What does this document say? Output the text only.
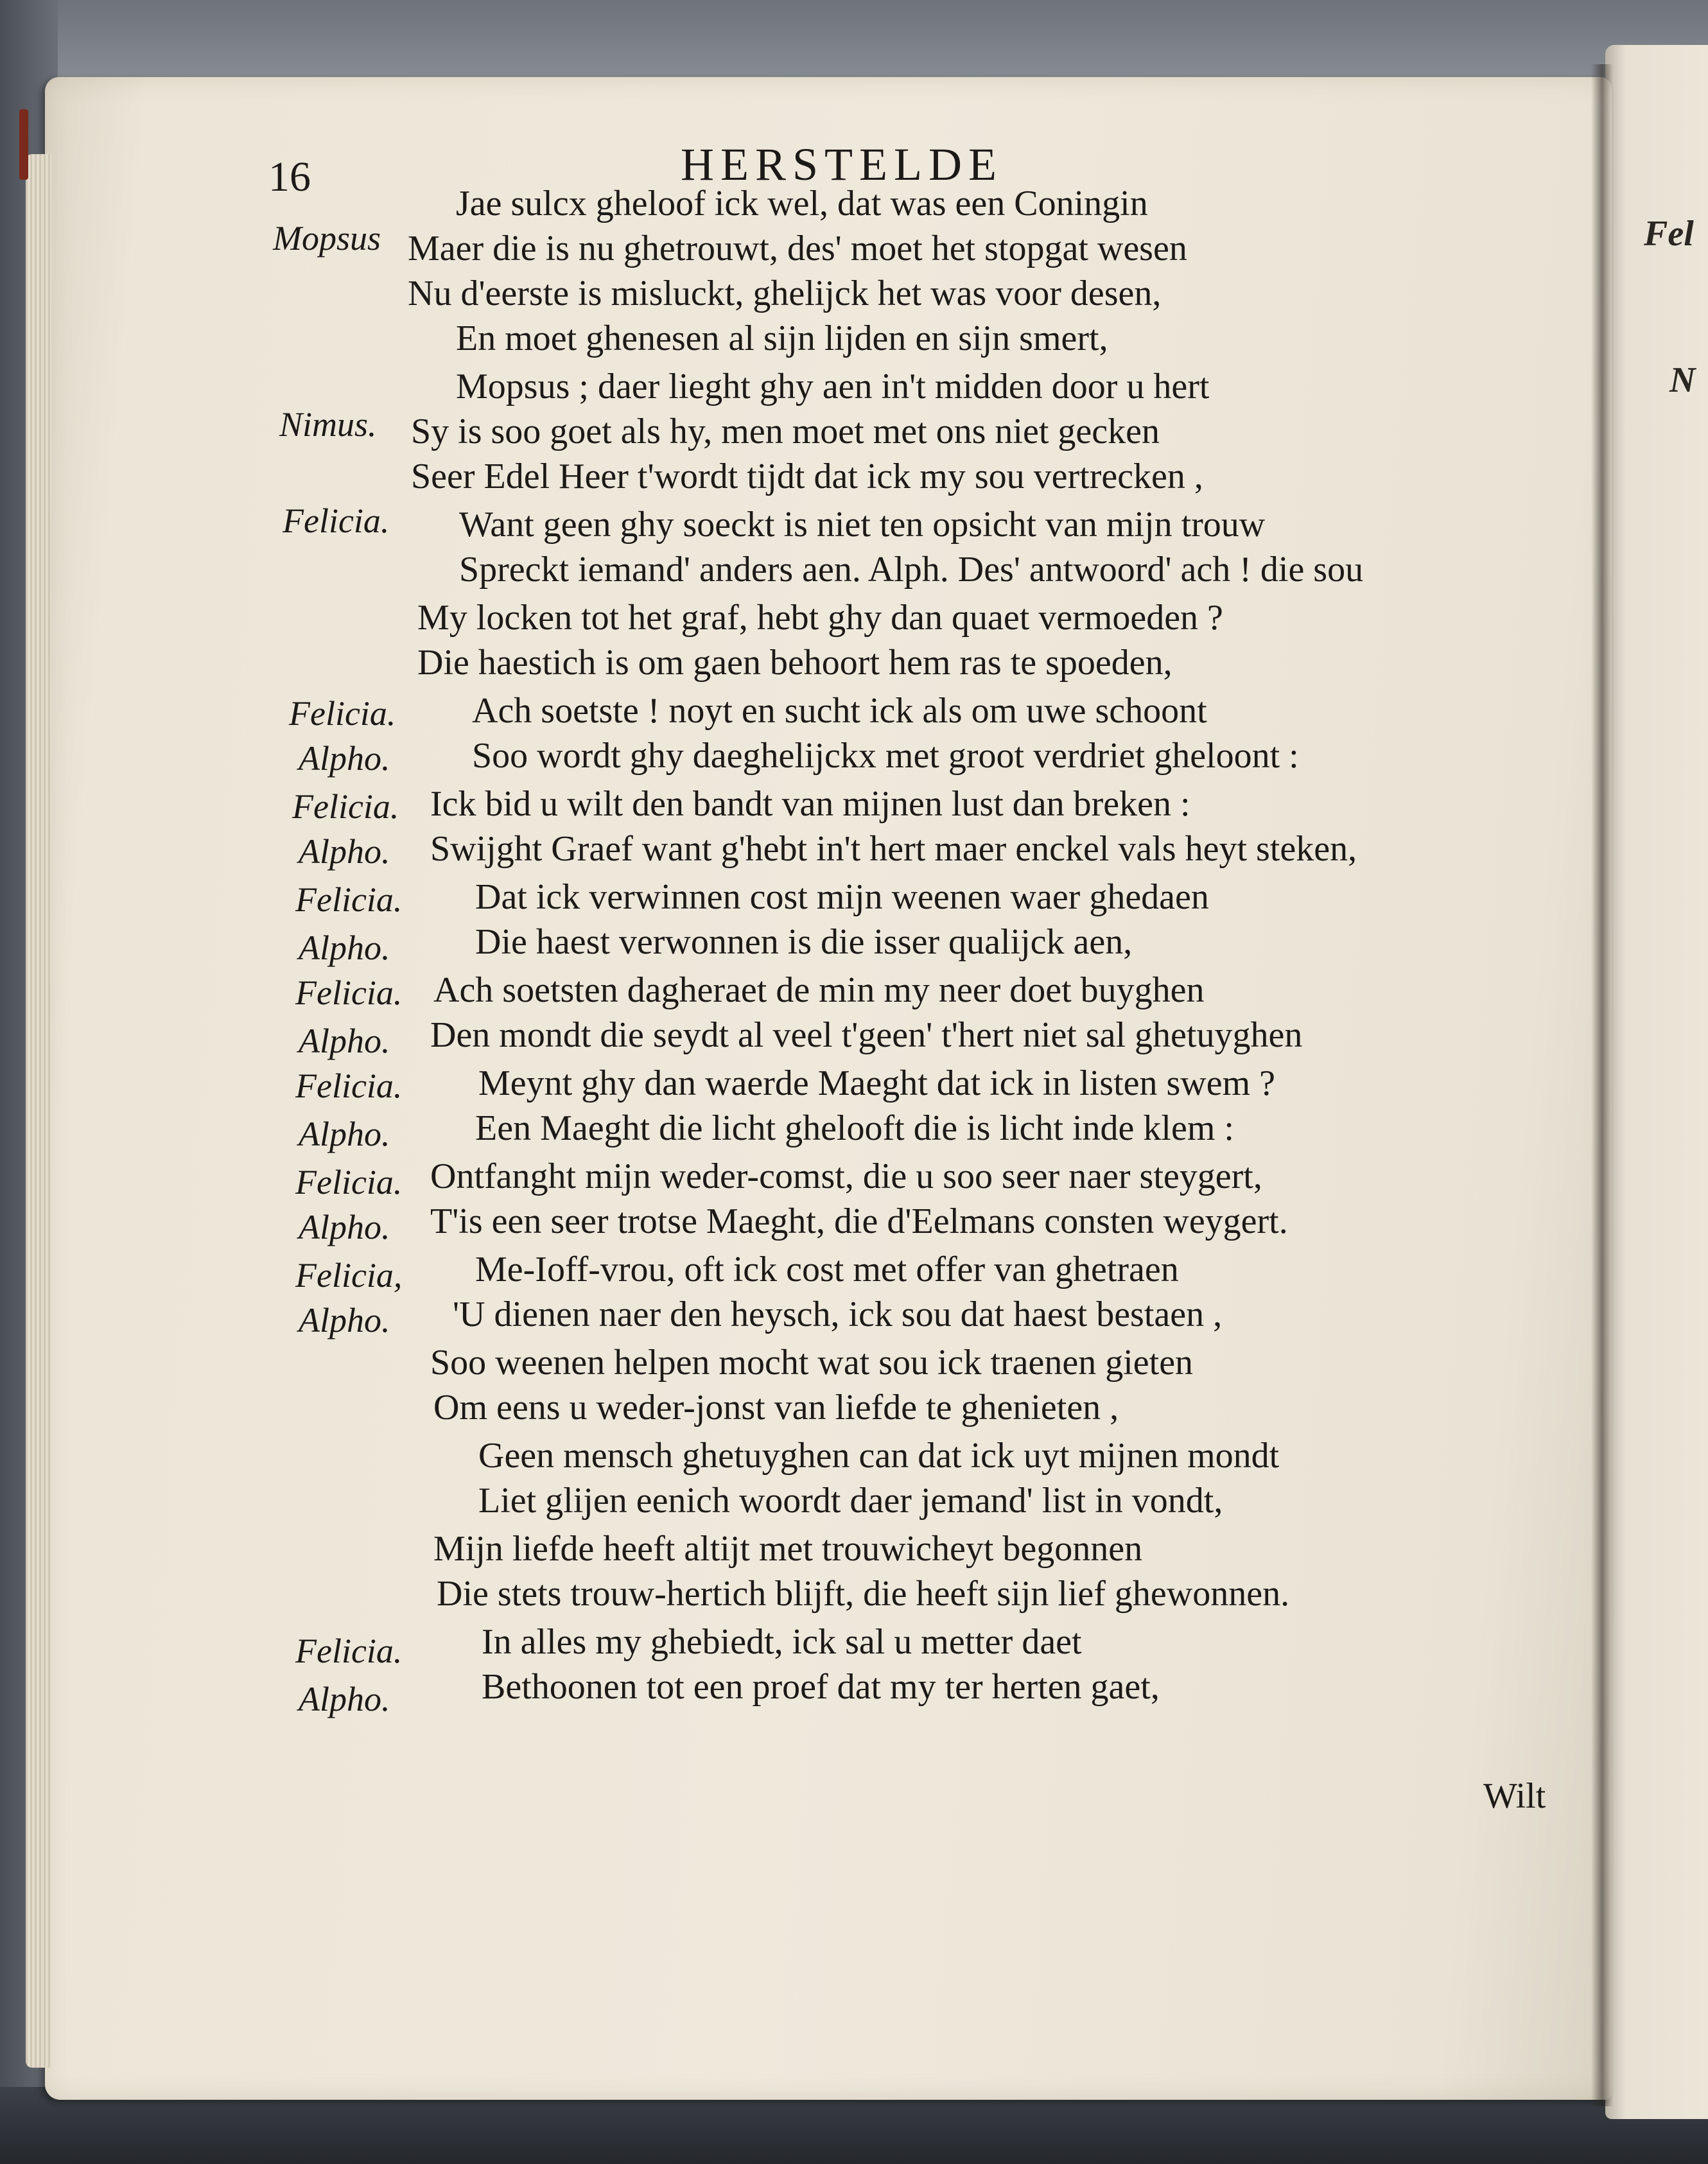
Fel
N
16	HERSTELDE
Mopsus
Nimus.
Felicia.
Felicia.
Alpho.
Felicia.
Alpho.
Felicia.
Alpho.
Felicia.
Alpho.
Felicia.
Alpho.
Felicia.
Alpho.
Felicia,
Alpho.
Felicia.
Alpho.
Jae sulcx gheloof ick wel, dat was een Coningin
Maer die is nu ghetrouwt, des' moet het stopgat wesen
Nu d'eerste is misluckt, ghelijck het was voor desen,
En moet ghenesen al sijn lijden en sijn smert,
Mopsus ; daer lieght ghy aen in't midden door u hert
Sy is soo goet als hy, men moet met ons niet gecken
Seer Edel Heer t'wordt tijdt dat ick my sou vertrecken ,
Want geen ghy soeckt is niet ten opsicht van mijn trouw
Spreckt iemand' anders aen. Alph. Des' antwoord' ach ! die sou
My locken tot het graf, hebt ghy dan quaet vermoeden ?
Die haestich is om gaen behoort hem ras te spoeden,
Ach soetste ! noyt en sucht ick als om uwe schoont
Soo wordt ghy daeghelijckx met groot verdriet gheloont :
Ick bid u wilt den bandt van mijnen lust dan breken :
Swijght Graef want g'hebt in't hert maer enckel vals heyt steken,
Dat ick verwinnen cost mijn weenen waer ghedaen
Die haest verwonnen is die isser qualijck aen,
Ach soetsten dagheraet de min my neer doet buyghen
Den mondt die seydt al veel t'geen' t'hert niet sal ghetuyghen
Meynt ghy dan waerde Maeght dat ick in listen swem ?
Een Maeght die licht ghelooft die is licht inde klem :
Ontfanght mijn weder-comst, die u soo seer naer steygert,
T'is een seer trotse Maeght, die d'Eelmans consten weygert.
Me-Ioff-vrou, oft ick cost met offer van ghetraen
'U dienen naer den heysch, ick sou dat haest bestaen ,
Soo weenen helpen mocht wat sou ick traenen gieten
Om eens u weder-jonst van liefde te ghenieten ,
Geen mensch ghetuyghen can dat ick uyt mijnen mondt
Liet glijen eenich woordt daer jemand' list in vondt,
Mijn liefde heeft altijt met trouwicheyt begonnen
Die stets trouw-hertich blijft, die heeft sijn lief ghewonnen.
In alles my ghebiedt, ick sal u metter daet
Bethoonen tot een proef dat my ter herten gaet,
Wilt
